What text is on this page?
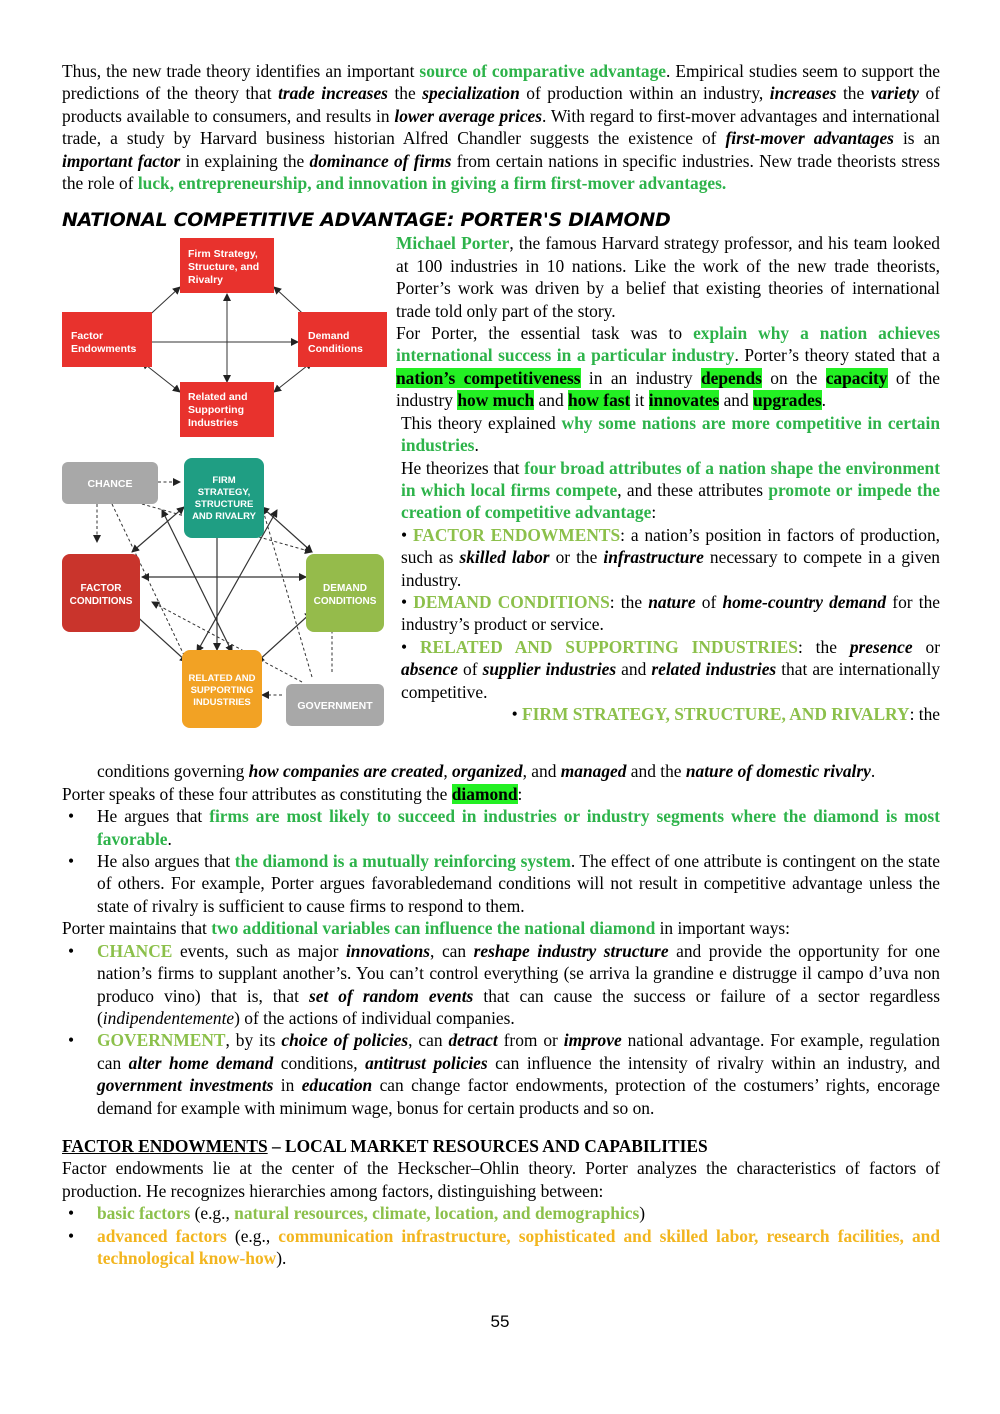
Thus, the new trade theory identifies an important source of comparative advantage. Empirical studies seem to support the predictions of the theory that trade increases the specialization of production within an industry, increases the variety of products available to consumers, and results in lower average prices. With regard to first-mover advantages and international trade, a study by Harvard business historian Alfred Chandler suggests the existence of first-mover advantages is an important factor in explaining the dominance of firms from certain nations in specific industries. New trade theorists stress the role of luck, entrepreneurship, and innovation in giving a firm first-mover advantages.

NATIONAL COMPETITIVE ADVANTAGE: PORTER'S DIAMOND
Firm Strategy,
Structure, and
Rivalry
Factor
Endowments
Demand
Conditions
Related and
Supporting
Industries
CHANCE	FIRM
STRATEGY,
STRUCTURE
AND RIVALRY
FACTOR
CONDITIONS
DEMAND
CONDITIONS
RELATED AND
SUPPORTING
INDUSTRIES	GOVERNMENT

Michael Porter, the famous Harvard strategy professor, and his team looked at 100 industries in 10 nations. Like the work of the new trade theorists, Porter’s work was driven by a belief that existing theories of international trade told only part of the story.

For Porter, the essential task was to explain why a nation achieves international success in a particular industry. Porter’s theory stated that a nation’s competitiveness in an industry depends on the capacity of the industry how much and how fast it innovates and upgrades.

This theory explained why some nations are more competitive in certain industries.

He theorizes that four broad attributes of a nation shape the environment in which local firms compete, and these attributes promote or impede the creation of competitive advantage:

• FACTOR ENDOWMENTS: a nation’s position in factors of production, such as skilled labor or the infrastructure necessary to compete in a given industry.

• DEMAND CONDITIONS: the nature of home-country demand for the industry’s product or service.

• RELATED AND SUPPORTING INDUSTRIES: the presence or absence of supplier industries and related industries that are internationally competitive.

• FIRM STRATEGY, STRUCTURE, AND RIVALRY: the

conditions governing how companies are created, organized, and managed and the nature of domestic rivalry.

Porter speaks of these four attributes as constituting the diamond:

• He argues that firms are most likely to succeed in industries or industry segments where the diamond is most favorable.
• He also argues that the diamond is a mutually reinforcing system. The effect of one attribute is contingent on the state of others. For example, Porter argues favorabledemand conditions will not result in competitive advantage unless the state of rivalry is sufficient to cause firms to respond to them.

Porter maintains that two additional variables can influence the national diamond in important ways:

• CHANCE events, such as major innovations, can reshape industry structure and provide the opportunity for one nation’s firms to supplant another’s. You can’t control everything (se arriva la grandine e distrugge il campo d’uva non produco vino) that is, that set of random events that can cause the success or failure of a sector regardless (indipendentemente) of the actions of individual companies.
• GOVERNMENT, by its choice of policies, can detract from or improve national advantage. For example, regulation can alter home demand conditions, antitrust policies can influence the intensity of rivalry within an industry, and government investments in education can change factor endowments, protection of the costumers’ rights, encorage demand for example with minimum wage, bonus for certain products and so on.

FACTOR ENDOWMENTS – LOCAL MARKET RESOURCES AND CAPABILITIES

Factor endowments lie at the center of the Heckscher–Ohlin theory. Porter analyzes the characteristics of factors of production. He recognizes hierarchies among factors, distinguishing between:

• basic factors (e.g., natural resources, climate, location, and demographics)
• advanced factors (e.g., communication infrastructure, sophisticated and skilled labor, research facilities, and technological know-how).
55
